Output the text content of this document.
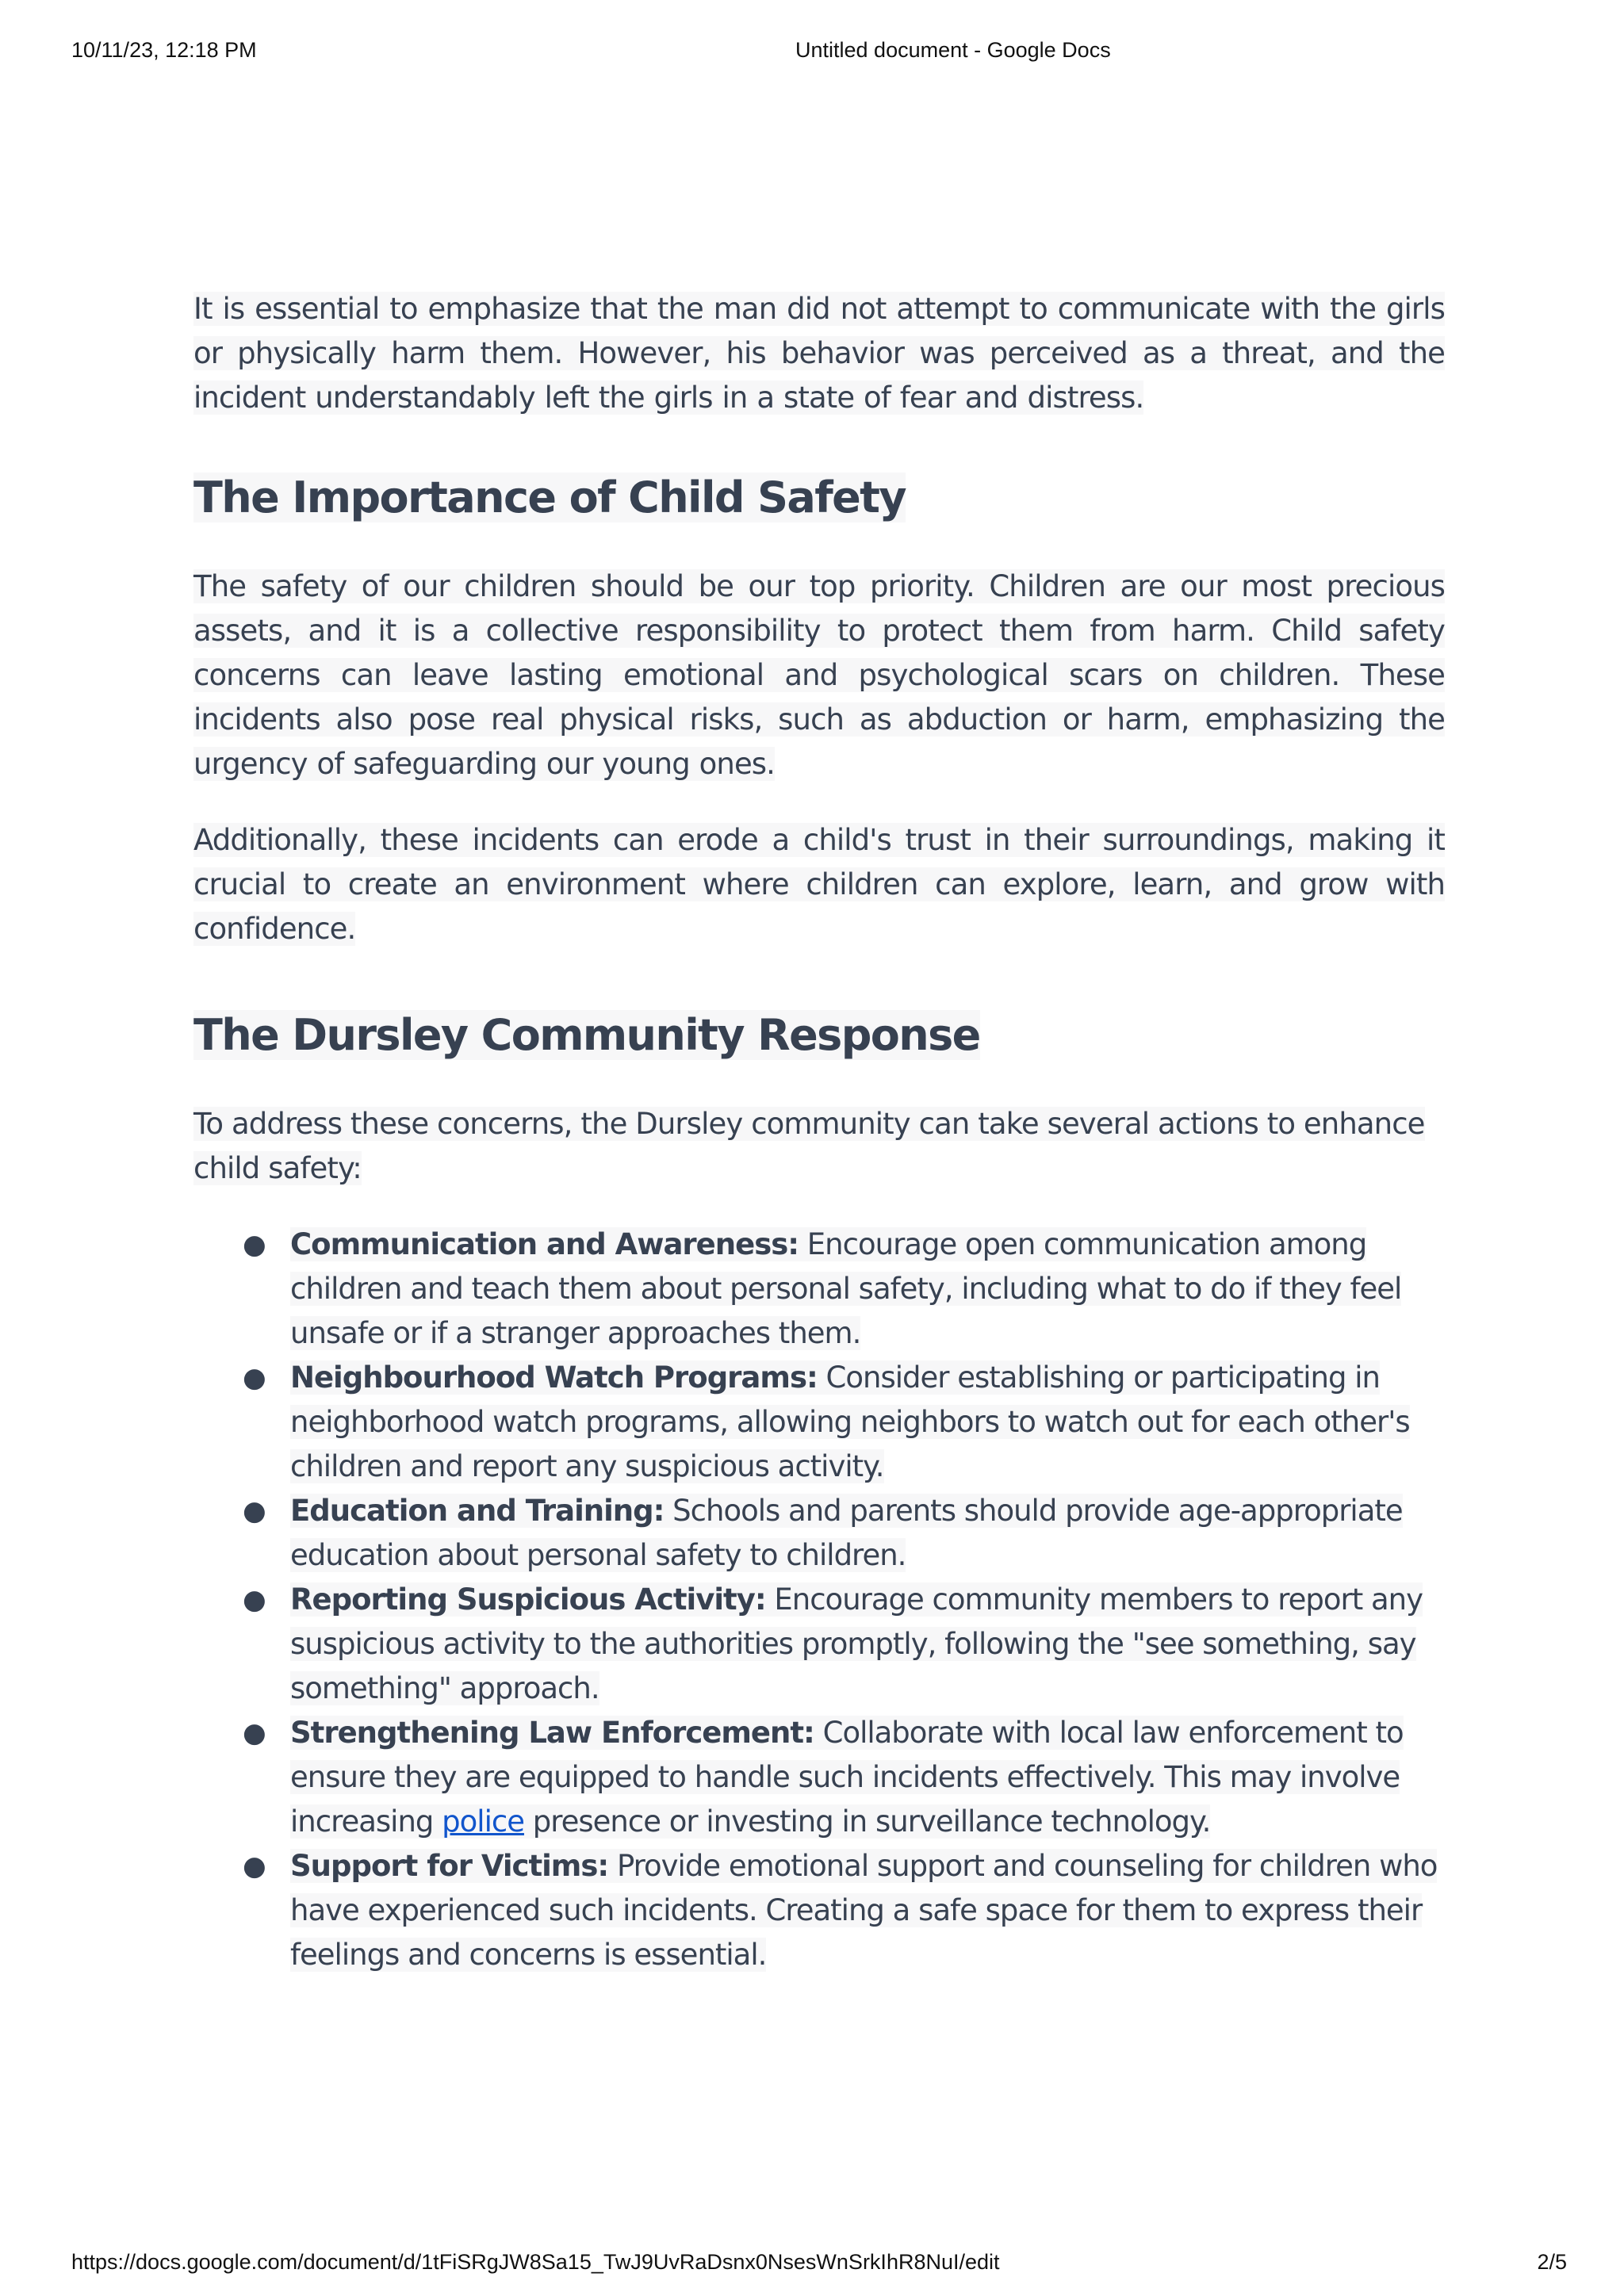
10/11/23, 12:18 PM	Untitled document - Google Docs

It is essential to emphasize that the man did not attempt to communicate with the girls or physically harm them. However, his behavior was perceived as a threat, and the incident understandably left the girls in a state of fear and distress.

The Importance of Child Safety

The safety of our children should be our top priority. Children are our most precious assets, and it is a collective responsibility to protect them from harm. Child safety concerns can leave lasting emotional and psychological scars on children. These incidents also pose real physical risks, such as abduction or harm, emphasizing the urgency of safeguarding our young ones.

Additionally, these incidents can erode a child's trust in their surroundings, making it crucial to create an environment where children can explore, learn, and grow with confidence.

The Dursley Community Response

To address these concerns, the Dursley community can take several actions to enhance child safety:

● Communication and Awareness: Encourage open communication among children and teach them about personal safety, including what to do if they feel unsafe or if a stranger approaches them.
● Neighbourhood Watch Programs: Consider establishing or participating in neighborhood watch programs, allowing neighbors to watch out for each other's children and report any suspicious activity.
● Education and Training: Schools and parents should provide age-appropriate education about personal safety to children.
● Reporting Suspicious Activity: Encourage community members to report any suspicious activity to the authorities promptly, following the "see something, say something" approach.
● Strengthening Law Enforcement: Collaborate with local law enforcement to ensure they are equipped to handle such incidents effectively. This may involve increasing police presence or investing in surveillance technology.
● Support for Victims: Provide emotional support and counseling for children who have experienced such incidents. Creating a safe space for them to express their feelings and concerns is essential.
https://docs.google.com/document/d/1tFiSRgJW8Sa15_TwJ9UvRaDsnx0NsesWnSrkIhR8NuI/edit	2/5
